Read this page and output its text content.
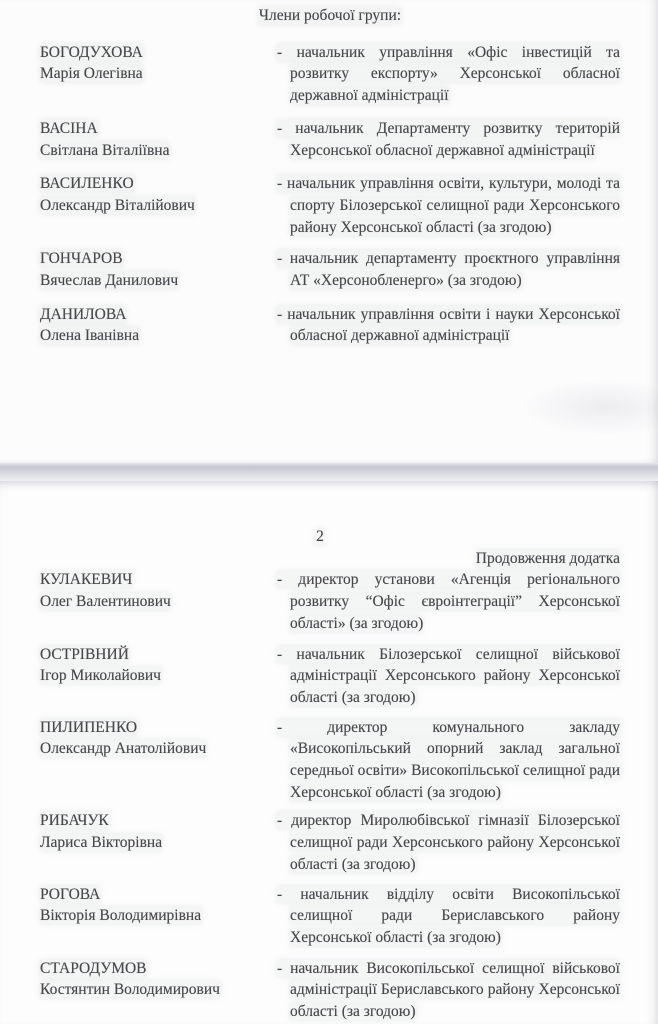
Члени робочої групи:
БОГОДУХОВА
Марія Олегівна
- начальник управління «Офіс інвестицій та розвитку експорту» Херсонської обласної державної адміністрації
ВАСІНА
Світлана Віталіївна
- начальник Департаменту розвитку територій Херсонської обласної державної адміністрації
ВАСИЛЕНКО
Олександр Віталійович
- начальник управління освіти, культури, молоді та спорту Білозерської селищної ради Херсонського району Херсонської області (за згодою)
ГОНЧАРОВ
Вячеслав Данилович
- начальник департаменту проєктного управління АТ «Херсонобленерго» (за згодою)
ДАНИЛОВА
Олена Іванівна
- начальник управління освіти і науки Херсонської обласної державної адміністрації
2
Продовження додатка
КУЛАКЕВИЧ
Олег Валентинович
- директор установи «Агенція регіонального розвитку “Офіс євроінтеграції” Херсонської області» (за згодою)
ОСТРІВНИЙ
Ігор Миколайович
- начальник Білозерської селищної військової адміністрації Херсонського району Херсонської області (за згодою)
ПИЛИПЕНКО
Олександр Анатолійович
- директор комунального закладу «Високопільський опорний заклад загальної середньої освіти» Високопільської селищної ради Херсонської області (за згодою)
РИБАЧУК
Лариса Вікторівна
- директор Миролюбівської гімназії Білозерської селищної ради Херсонського району Херсонської області (за згодою)
РОГОВА
Вікторія Володимирівна
- начальник відділу освіти Високопільської селищної ради Бериславського району Херсонської області (за згодою)
СТАРОДУМОВ
Костянтин Володимирович
- начальник Високопільської селищної військової адміністрації Бериславського району Херсонської області (за згодою)
